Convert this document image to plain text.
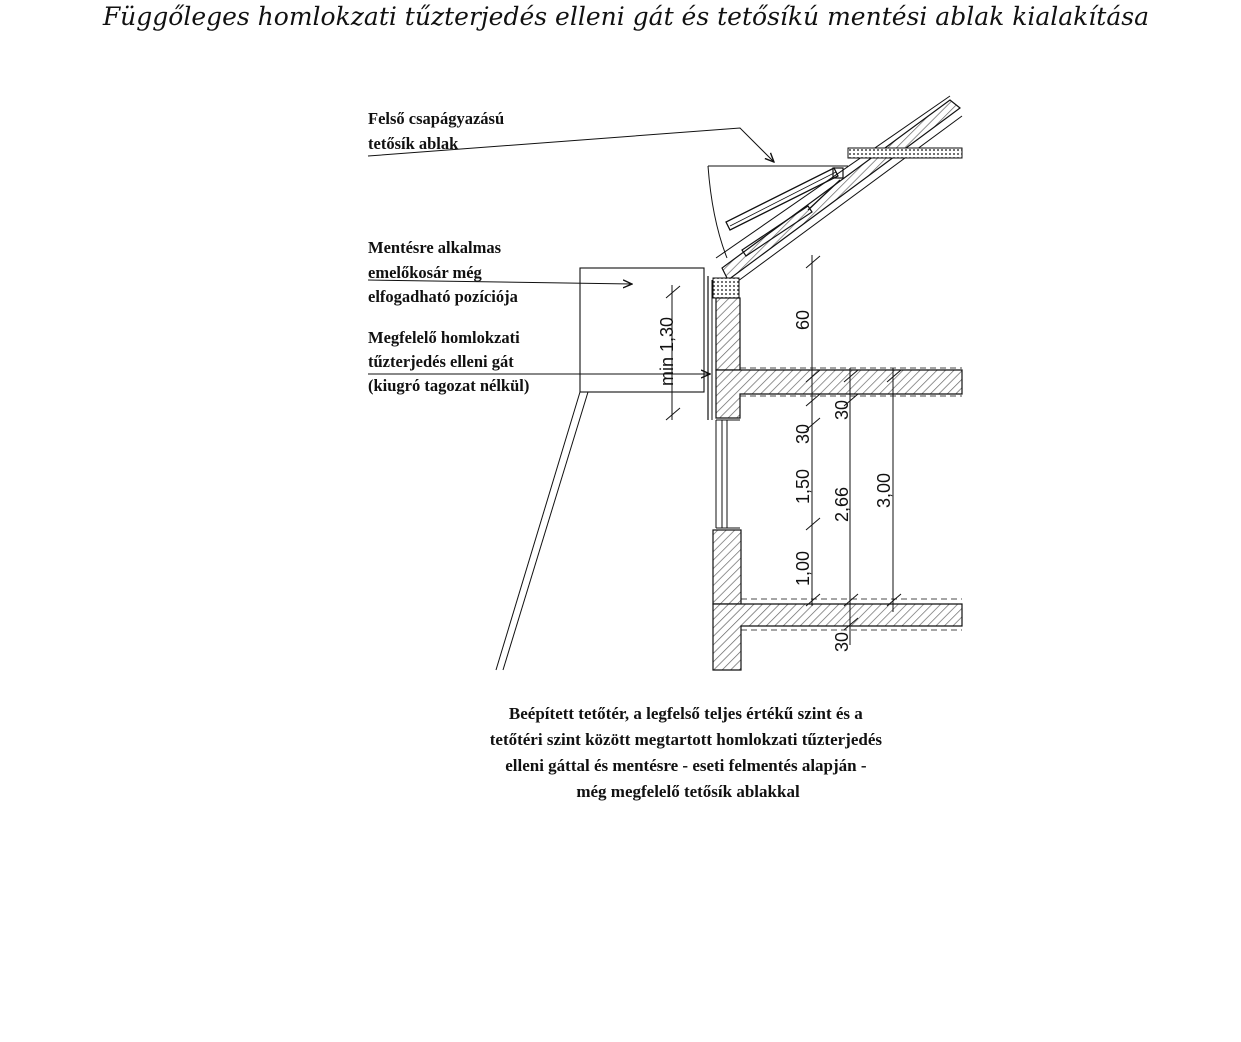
Függőleges homlokzati tűzterjedés elleni gát és tetősíkú mentési ablak kialakítása
Felső csapágyazású tetősík ablak
Mentésre alkalmas emelőkosár még elfogadható pozíciója
Megfelelő homlokzati tűzterjedés elleni gát (kiugró tagozat nélkül)	min 1,30	60
30
30
1,50
1,00
2,66 3,00
30
Beépített tetőtér, a legfelső teljes értékű szint és a tetőtéri szint között megtartott homlokzati tűzterjedés elleni gáttal és mentésre - eseti felmentés alapján - még megfelelő tetősík ablakkal
